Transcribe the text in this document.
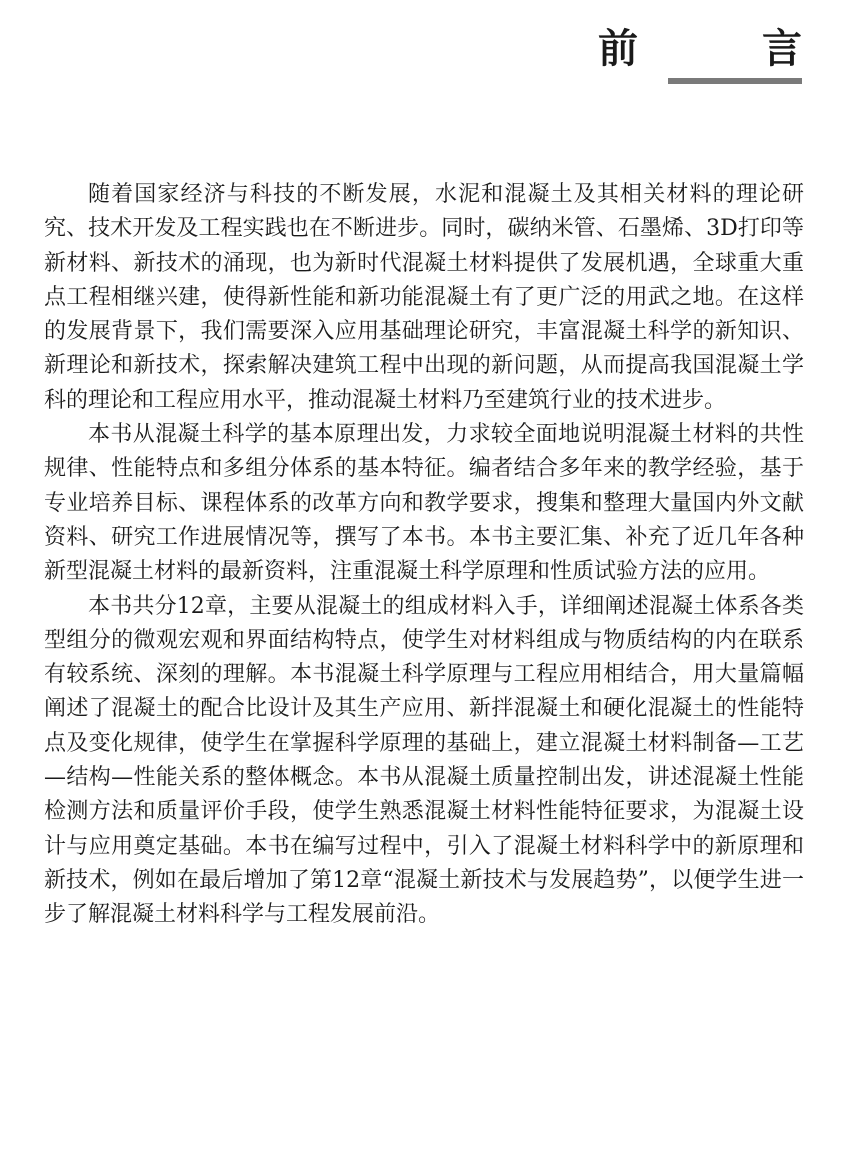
前　言

随着国家经济与科技的不断发展，水泥和混凝土及其相关材料的理论研究、技术开发及工程实践也在不断进步。同时，碳纳米管、石墨烯、3D打印等新材料、新技术的涌现，也为新时代混凝土材料提供了发展机遇，全球重大重点工程相继兴建，使得新性能和新功能混凝土有了更广泛的用武之地。在这样的发展背景下，我们需要深入应用基础理论研究，丰富混凝土科学的新知识、新理论和新技术，探索解决建筑工程中出现的新问题，从而提高我国混凝土学科的理论和工程应用水平，推动混凝土材料乃至建筑行业的技术进步。

本书从混凝土科学的基本原理出发，力求较全面地说明混凝土材料的共性规律、性能特点和多组分体系的基本特征。编者结合多年来的教学经验，基于专业培养目标、课程体系的改革方向和教学要求，搜集和整理大量国内外文献资料、研究工作进展情况等，撰写了本书。本书主要汇集、补充了近几年各种新型混凝土材料的最新资料，注重混凝土科学原理和性质试验方法的应用。

本书共分12章，主要从混凝土的组成材料入手，详细阐述混凝土体系各类型组分的微观宏观和界面结构特点，使学生对材料组成与物质结构的内在联系有较系统、深刻的理解。本书混凝土科学原理与工程应用相结合，用大量篇幅阐述了混凝土的配合比设计及其生产应用、新拌混凝土和硬化混凝土的性能特点及变化规律，使学生在掌握科学原理的基础上，建立混凝土材料制备—工艺—结构—性能关系的整体概念。本书从混凝土质量控制出发，讲述混凝土性能检测方法和质量评价手段，使学生熟悉混凝土材料性能特征要求，为混凝土设计与应用奠定基础。本书在编写过程中，引入了混凝土材料科学中的新原理和新技术，例如在最后增加了第12章“混凝土新技术与发展趋势”，以便学生进一步了解混凝土材料科学与工程发展前沿。
